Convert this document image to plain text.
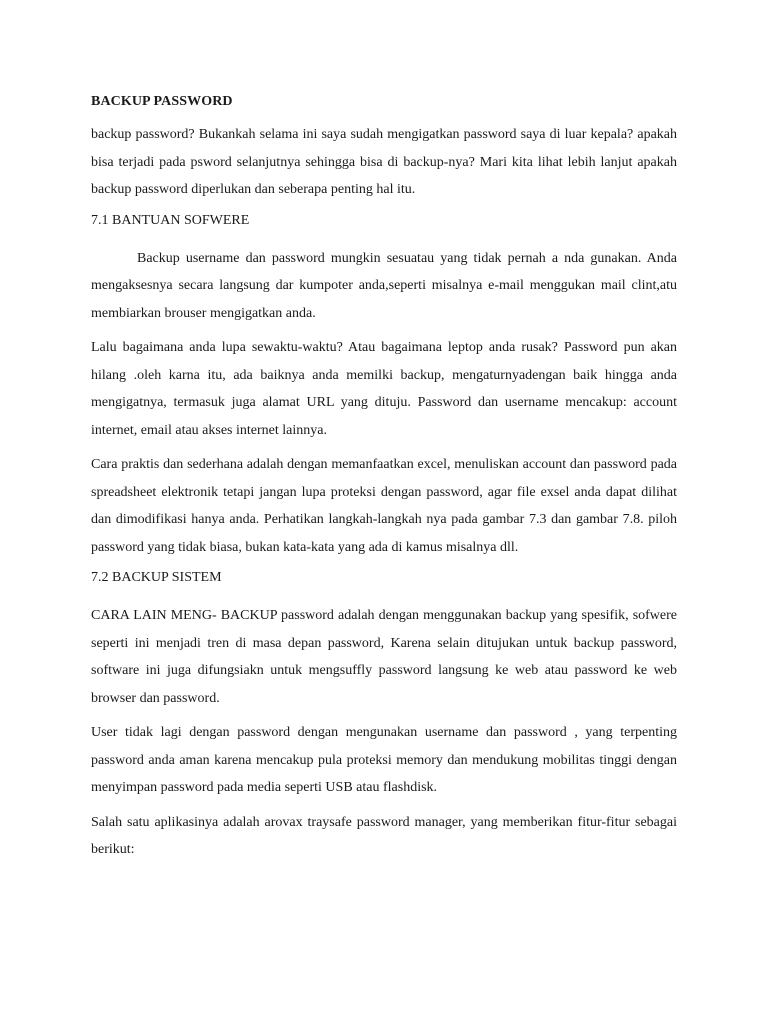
BACKUP PASSWORD

backup password? Bukankah selama ini saya sudah mengigatkan password saya di luar kepala? apakah bisa terjadi pada psword selanjutnya sehingga bisa di backup-nya? Mari kita lihat lebih lanjut apakah backup password diperlukan dan seberapa penting hal itu.

7.1 BANTUAN SOFWERE

Backup username dan password mungkin sesuatau yang tidak pernah a nda gunakan. Anda mengaksesnya secara langsung dar kumpoter anda,seperti misalnya e-mail menggukan mail clint,atu membiarkan brouser mengigatkan anda.

Lalu bagaimana anda lupa sewaktu-waktu? Atau bagaimana leptop anda rusak? Password pun akan hilang .oleh karna itu, ada baiknya anda memilki backup, mengaturnyadengan baik hingga anda mengigatnya, termasuk juga alamat URL yang dituju. Password dan username mencakup: account internet, email atau akses internet lainnya.

Cara praktis dan sederhana adalah dengan memanfaatkan excel, menuliskan account dan password pada spreadsheet elektronik tetapi jangan lupa proteksi dengan password, agar file exsel anda dapat dilihat dan dimodifikasi hanya anda. Perhatikan langkah-langkah nya pada gambar 7.3 dan gambar 7.8. piloh password yang tidak biasa, bukan kata-kata yang ada di kamus misalnya dll.

7.2 BACKUP SISTEM

CARA LAIN MENG- BACKUP password adalah dengan menggunakan backup yang spesifik, sofwere seperti ini menjadi tren di masa depan password, Karena selain ditujukan untuk backup password, software ini juga difungsiakn untuk mengsuffly password langsung ke web atau password ke web browser dan password.

User tidak lagi dengan password dengan mengunakan username dan password , yang terpenting password anda aman karena mencakup pula proteksi memory dan mendukung mobilitas tinggi dengan menyimpan password pada media seperti USB atau flashdisk.

Salah satu aplikasinya adalah arovax traysafe password manager, yang memberikan fitur-fitur sebagai berikut:
